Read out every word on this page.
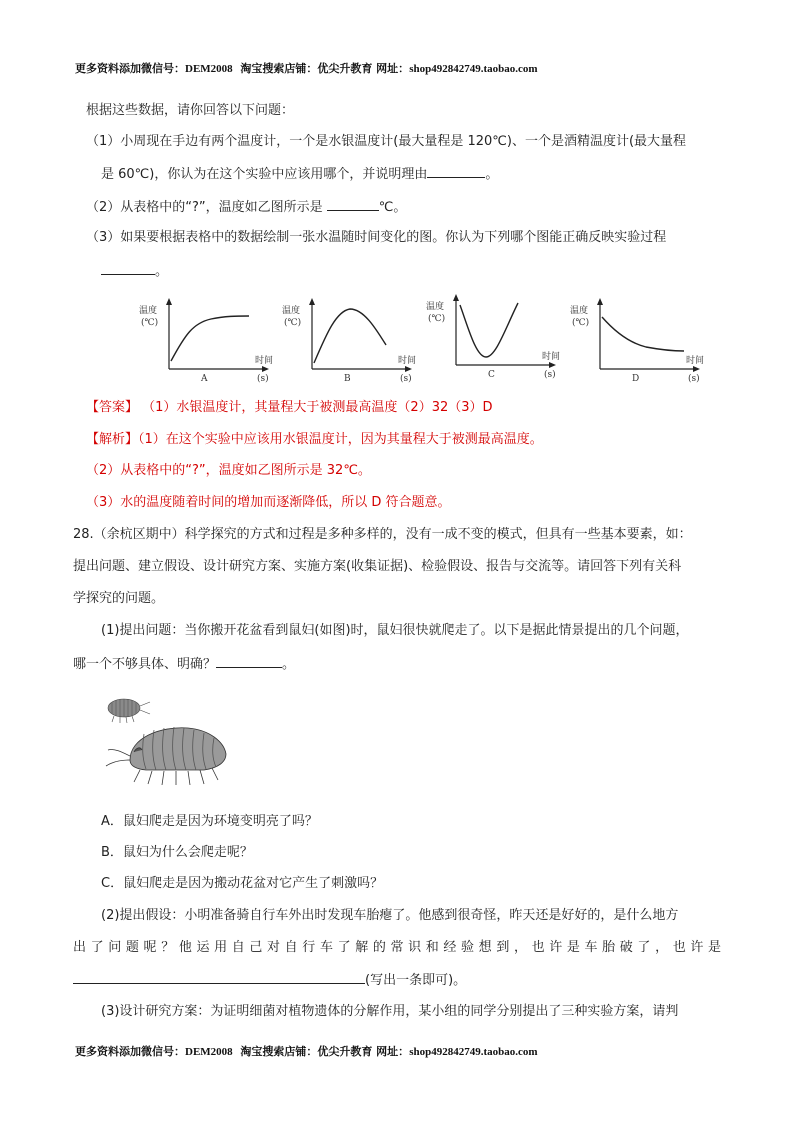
更多资料添加微信号：DEM2008 淘宝搜索店铺：优尖升教育 网址：shop492842749.taobao.com
根据这些数据，请你回答以下问题：
（1）小周现在手边有两个温度计，一个是水银温度计(最大量程是 120℃)、一个是酒精温度计(最大量程
是 60℃)，你认为在这个实验中应该用哪个，并说明理由	。
（2）从表格中的“?”，温度如乙图所示是	℃。
（3）如果要根据表格中的数据绘制一张水温随时间变化的图。你认为下列哪个图能正确反映实验过程
。
温度
(℃)
时间
A	(s)
温度
(℃)
时间
B	(s)
温度
(℃)
时间
C	(s)
温度
(℃)
时间
D	(s)
【答案】 （1）水银温度计，其量程大于被测最高温度（2）32（3）D
【解析】（1）在这个实验中应该用水银温度计，因为其量程大于被测最高温度。
（2）从表格中的“?”，温度如乙图所示是 32℃。
（3）水的温度随着时间的增加而逐渐降低，所以 D 符合题意。
28.（余杭区期中）科学探究的方式和过程是多种多样的，没有一成不变的模式，但具有一些基本要素，如：
提出问题、建立假设、设计研究方案、实施方案(收集证据)、检验假设、报告与交流等。请回答下列有关科
学探究的问题。
(1)提出问题：当你搬开花盆看到鼠妇(如图)时，鼠妇很快就爬走了。以下是据此情景提出的几个问题，
哪一个不够具体、明确？	。
A．鼠妇爬走是因为环境变明亮了吗？
B．鼠妇为什么会爬走呢？
C．鼠妇爬走是因为搬动花盆对它产生了刺激吗？
(2)提出假设：小明准备骑自行车外出时发现车胎瘪了。他感到很奇怪，昨天还是好好的，是什么地方
出了问题呢？他运用自己对自行车了解的常识和经验想到，也许是车胎破了，也许是
(写出一条即可)。
(3)设计研究方案：为证明细菌对植物遗体的分解作用，某小组的同学分别提出了三种实验方案，请判
更多资料添加微信号：DEM2008 淘宝搜索店铺：优尖升教育 网址：shop492842749.taobao.com
